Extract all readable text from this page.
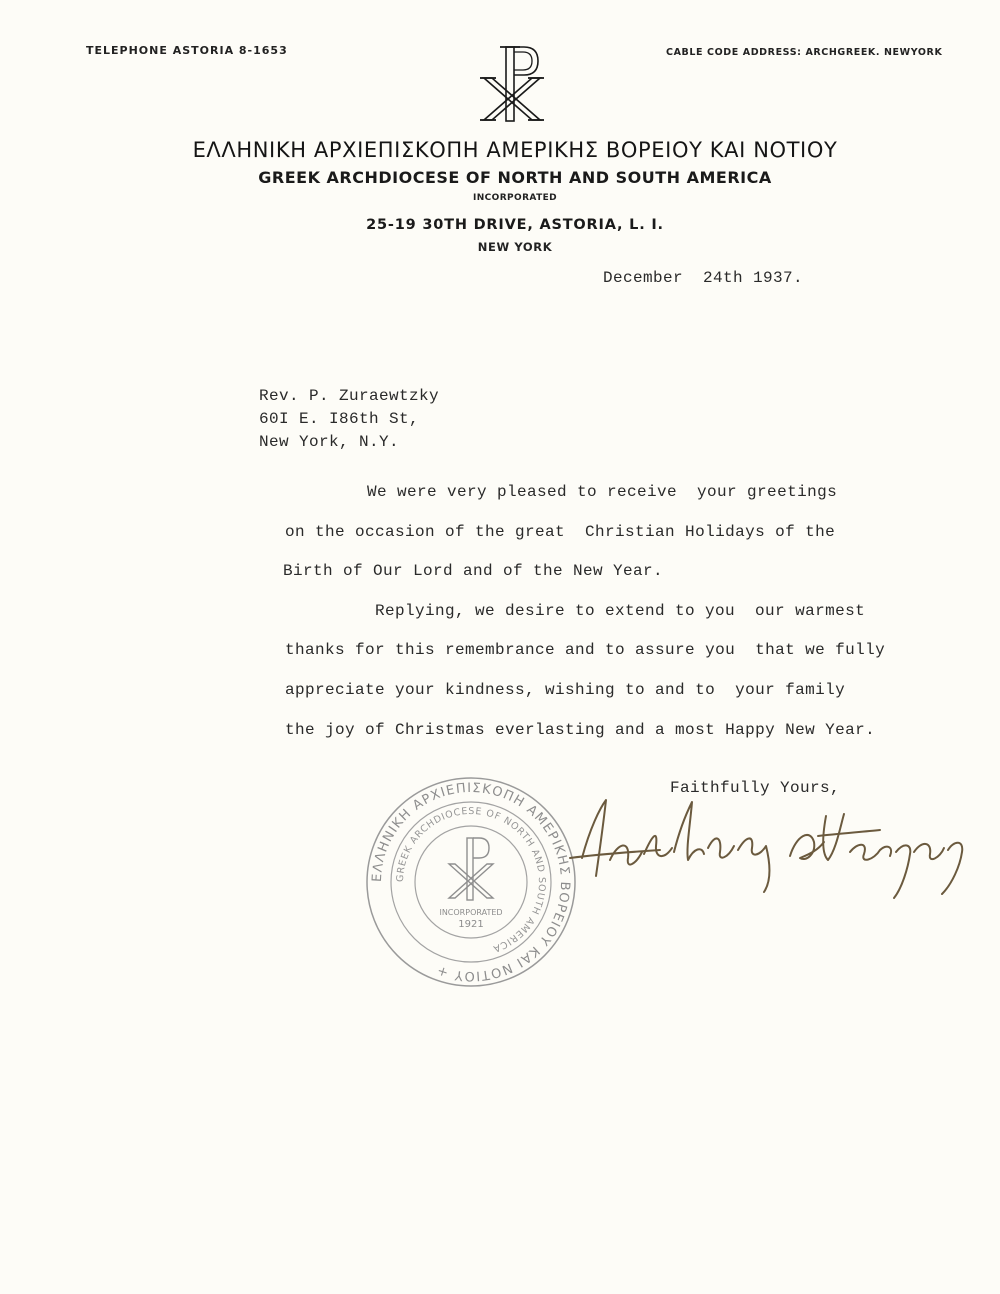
TELEPHONE ASTORIA 8-1653	CABLE CODE ADDRESS: ARCHGREEK. NEWYORK
ΕΛΛΗΝΙΚΗ ΑΡΧΙΕΠΙΣΚΟΠΗ ΑΜΕΡΙΚΗΣ ΒΟΡΕΙΟΥ ΚΑΙ ΝΟΤΙΟΥ
GREEK ARCHDIOCESE OF NORTH AND SOUTH AMERICA
INCORPORATED
25-19 30TH DRIVE, ASTORIA, L. I.
NEW YORK
December  24th 1937.
Rev. P. Zuraewtzky
60I E. I86th St,
New York, N.Y.
We were very pleased to receive  your greetings
on the occasion of the great  Christian Holidays of the
Birth of Our Lord and of the New Year.
Replying, we desire to extend to you  our warmest
thanks for this remembrance and to assure you  that we fully
appreciate your kindness, wishing to and to  your family
the joy of Christmas everlasting and a most Happy New Year.
Faithfully Yours,
ΕΛΛΗΝΙΚΗ ΑΡΧΙΕΠΙΣΚΟΠΗ ΑΜΕΡΙΚΗΣ ΒΟΡΕΙΟΥ ΚΑΙ ΝΟΤΙΟΥ +
GREEK ARCHDIOCESE OF NORTH AND SOUTH AMERICA
INCORPORATED
1921
